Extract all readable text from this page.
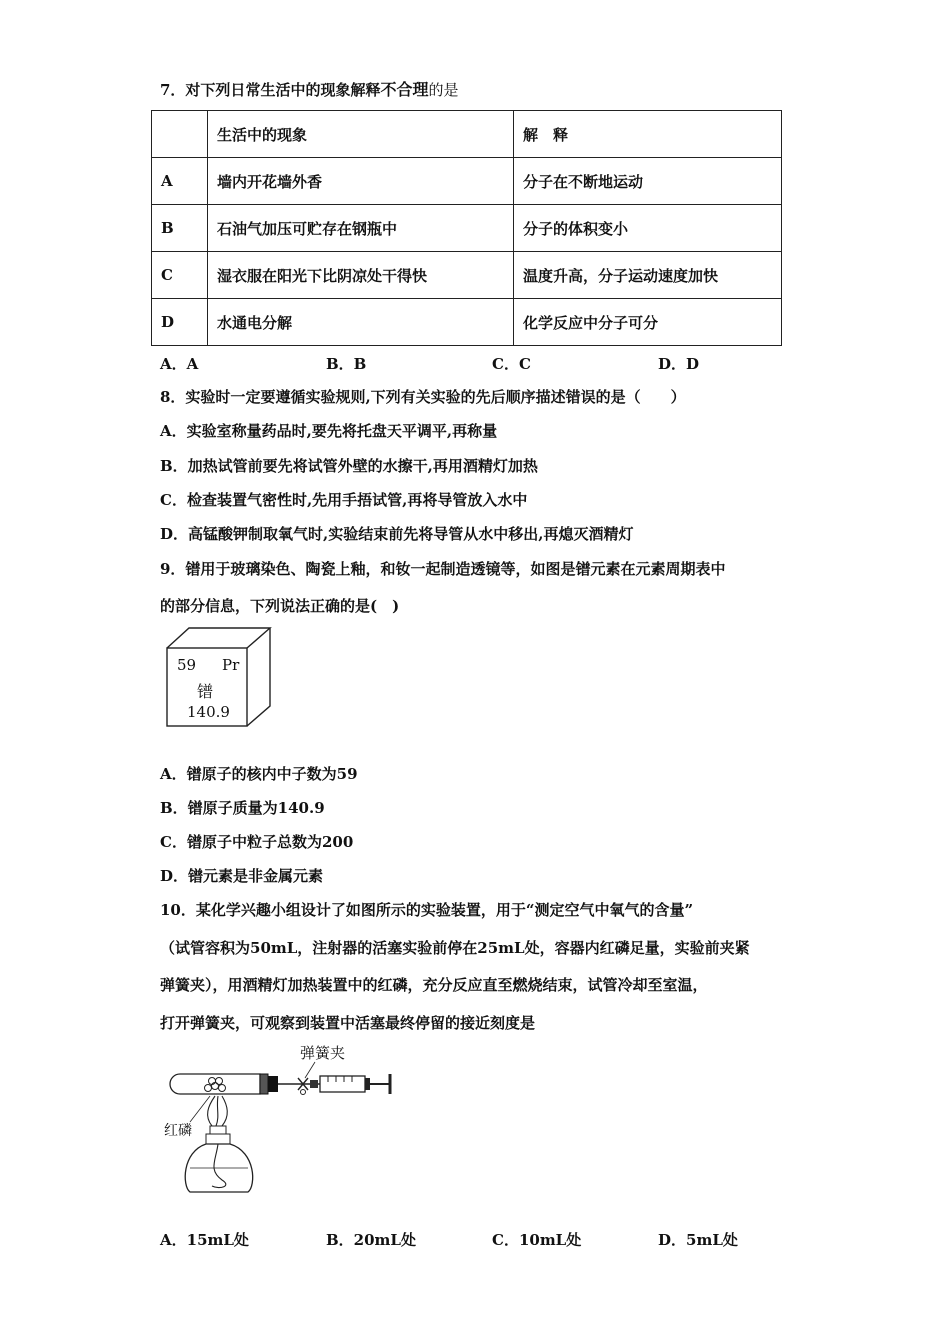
7．对下列日常生活中的现象解释不合理的是
	生活中的现象	解　释
A	墙内开花墙外香	分子在不断地运动
B	石油气加压可贮存在钢瓶中	分子的体积变小
C	湿衣服在阳光下比阴凉处干得快	温度升高，分子运动速度加快
D	水通电分解	化学反应中分子可分
A．A	B．B	C．C	D．D
8．实验时一定要遵循实验规则,下列有关实验的先后顺序描述错误的是（　　）
A．实验室称量药品时,要先将托盘天平调平,再称量
B．加热试管前要先将试管外壁的水擦干,再用酒精灯加热
C．检查装置气密性时,先用手捂试管,再将导管放入水中
D．高锰酸钾制取氧气时,实验结束前先将导管从水中移出,再熄灭酒精灯
9．镨用于玻璃染色、陶瓷上釉，和钕一起制造透镜等，如图是镨元素在元素周期表中
的部分信息，下列说法正确的是(　)
59 Pr
镨
140.9
A．镨原子的核内中子数为59
B．镨原子质量为140.9
C．镨原子中粒子总数为200
D．镨元素是非金属元素
10．某化学兴趣小组设计了如图所示的实验装置，用于“测定空气中氧气的含量”
（试管容积为50mL，注射器的活塞实验前停在25mL处，容器内红磷足量，实验前夹紧
弹簧夹），用酒精灯加热装置中的红磷，充分反应直至燃烧结束，试管冷却至室温，
打开弹簧夹，可观察到装置中活塞最终停留的接近刻度是
弹簧夹
红磷
A．15mL处	B．20mL处	C．10mL处	D．5mL处
